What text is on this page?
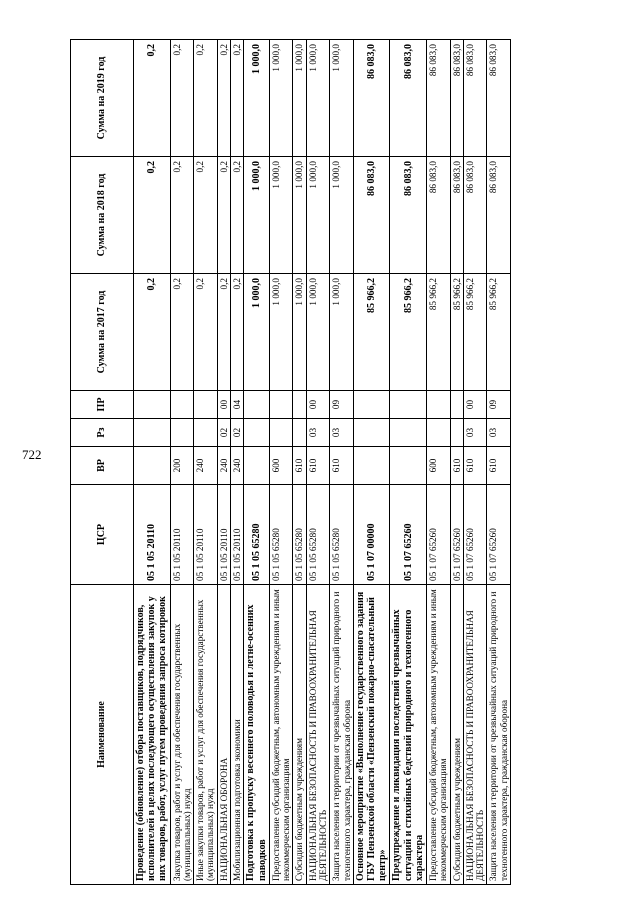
722
Наименование	ЦСР	ВР	Рз	ПР	Сумма на 2017 год	Сумма на 2018 год	Сумма на 2019 год
Проведение (обновление) отбора поставщиков, подрядчиков, исполнителей в целях последующего осуществления закупок у них товаров, работ, услуг путем проведения запроса котировок	05 1 05 20110				0,2	0,2	0,2
Закупка товаров, работ и услуг для обеспечения государственных (муниципальных) нужд	05 1 05 20110	200			0,2	0,2	0,2
Иные закупки товаров, работ и услуг для обеспечения государственных (муниципальных) нужд	05 1 05 20110	240			0,2	0,2	0,2
НАЦИОНАЛЬНАЯ ОБОРОНА	05 1 05 20110	240	02	00	0,2	0,2	0,2
Мобилизационная подготовка экономики	05 1 05 20110	240	02	04	0,2	0,2	0,2
Подготовка к пропуску весеннего половодья и летне-осенних паводков	05 1 05 65280				1 000,0	1 000,0	1 000,0
Предоставление субсидий бюджетным, автономным учреждениям и иным некоммерческим организациям	05 1 05 65280	600			1 000,0	1 000,0	1 000,0
Субсидии бюджетным учреждениям	05 1 05 65280	610			1 000,0	1 000,0	1 000,0
НАЦИОНАЛЬНАЯ БЕЗОПАСНОСТЬ И ПРАВООХРАНИТЕЛЬНАЯ ДЕЯТЕЛЬНОСТЬ	05 1 05 65280	610	03	00	1 000,0	1 000,0	1 000,0
Защита населения и территории от чрезвычайных ситуаций природного и техногенного характера, гражданская оборона	05 1 05 65280	610	03	09	1 000,0	1 000,0	1 000,0
Основное мероприятие «Выполнение государственного задания ГБУ Пензенской области «Пензенский пожарно-спасательный центр»	05 1 07 00000				85 966,2	86 083,0	86 083,0
Предупреждение и ликвидация последствий чрезвычайных ситуаций и стихийных бедствий природного и техногенного характера	05 1 07 65260				85 966,2	86 083,0	86 083,0
Предоставление субсидий бюджетным, автономным учреждениям и иным некоммерческим организациям	05 1 07 65260	600			85 966,2	86 083,0	86 083,0
Субсидии бюджетным учреждениям	05 1 07 65260	610			85 966,2	86 083,0	86 083,0
НАЦИОНАЛЬНАЯ БЕЗОПАСНОСТЬ И ПРАВООХРАНИТЕЛЬНАЯ ДЕЯТЕЛЬНОСТЬ	05 1 07 65260	610	03	00	85 966,2	86 083,0	86 083,0
Защита населения и территории от чрезвычайных ситуаций природного и техногенного характера, гражданская оборона	05 1 07 65260	610	03	09	85 966,2	86 083,0	86 083,0
